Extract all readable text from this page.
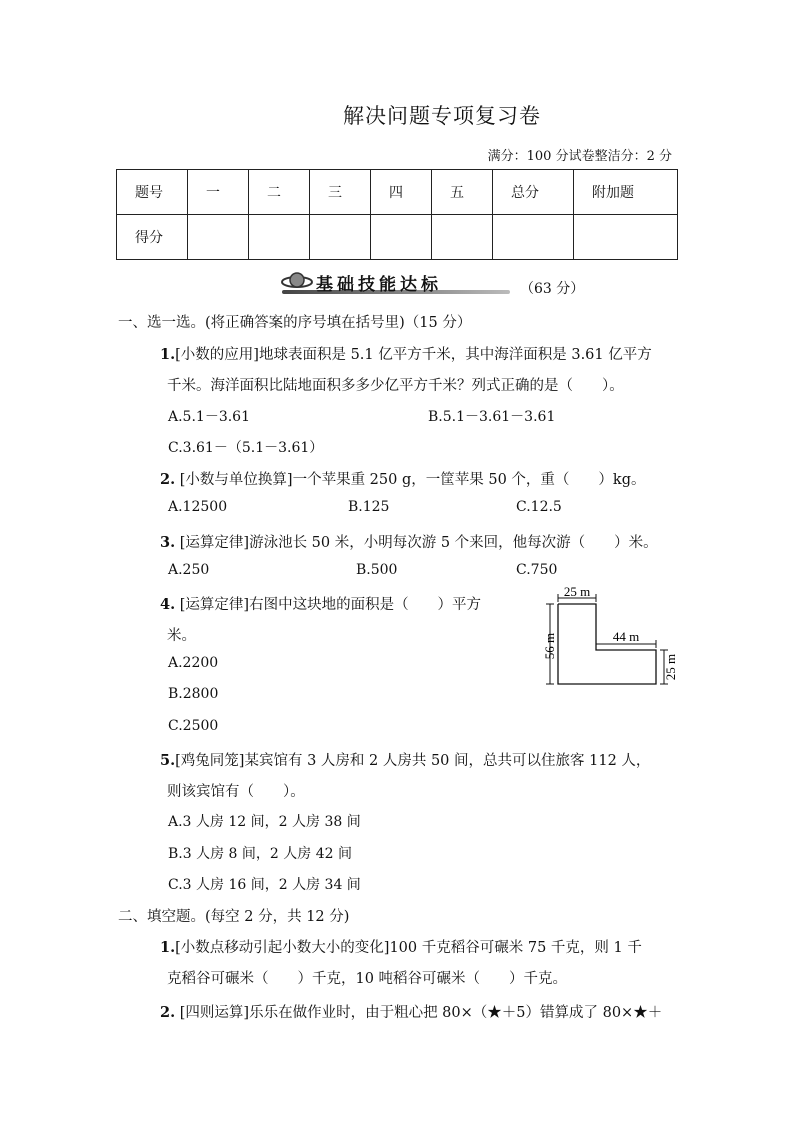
解决问题专项复习卷
满分：100 分试卷整洁分：2 分
题号	一	二	三	四	五	总分	附加题
得分							
基础技能达标	（63 分）
一、选一选。(将正确答案的序号填在括号里)（15 分）
1.[小数的应用]地球表面积是 5.1 亿平方千米，其中海洋面积是 3.61 亿平方
千米。海洋面积比陆地面积多多少亿平方千米？列式正确的是（　　）。
A.5.1－3.61	B.5.1－3.61－3.61
C.3.61－（5.1－3.61）
2. [小数与单位换算]一个苹果重 250 g，一筐苹果 50 个，重（　　）kg。
A.12500	B.125	C.12.5
3. [运算定律]游泳池长 50 米，小明每次游 5 个来回，他每次游（　　）米。
A.250	B.500	C.750
4. [运算定律]右图中这块地的面积是（　　）平方
米。
A.2200
B.2800
C.2500
25 m
56 m	44 m
25 m
5.[鸡兔同笼]某宾馆有 3 人房和 2 人房共 50 间，总共可以住旅客 112 人，
则该宾馆有（　　）。
A.3 人房 12 间，2 人房 38 间
B.3 人房 8 间，2 人房 42 间
C.3 人房 16 间，2 人房 34 间
二、填空题。(每空 2 分，共 12 分)
1.[小数点移动引起小数大小的变化]100 千克稻谷可碾米 75 千克，则 1 千
克稻谷可碾米（　　）千克，10 吨稻谷可碾米（　　）千克。
2. [四则运算]乐乐在做作业时，由于粗心把 80×（★＋5）错算成了 80×★＋
